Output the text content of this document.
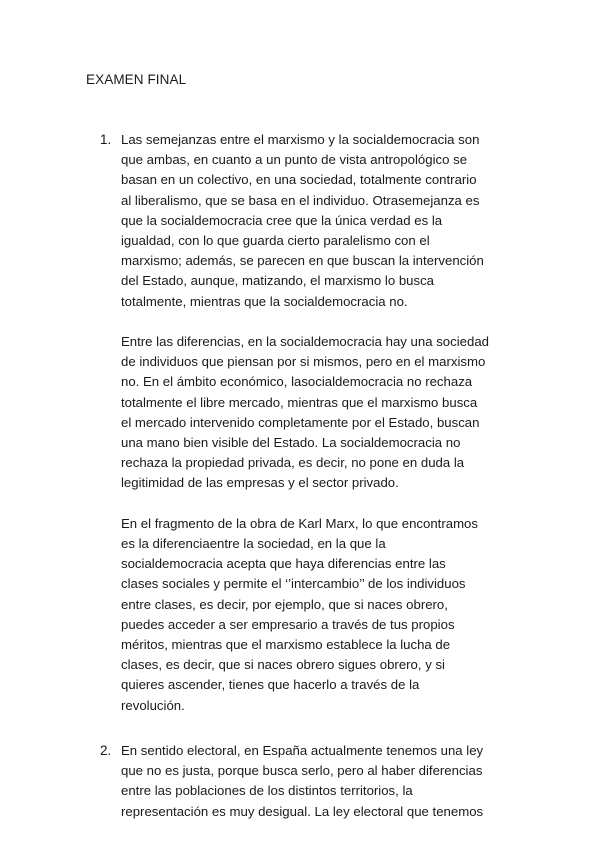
EXAMEN FINAL
1. Las semejanzas entre el marxismo y la socialdemocracia son
que ambas, en cuanto a un punto de vista antropológico se
basan en un colectivo, en una sociedad, totalmente contrario
al liberalismo, que se basa en el individuo. Otrasemejanza es
que la socialdemocracia cree que la única verdad es la
igualdad, con lo que guarda cierto paralelismo con el
marxismo; además, se parecen en que buscan la intervención
del Estado, aunque, matizando, el marxismo lo busca
totalmente, mientras que la socialdemocracia no.

Entre las diferencias, en la socialdemocracia hay una sociedad
de individuos que piensan por si mismos, pero en el marxismo
no. En el ámbito económico, lasocialdemocracia no rechaza
totalmente el libre mercado, mientras que el marxismo busca
el mercado intervenido completamente por el Estado, buscan
una mano bien visible del Estado. La socialdemocracia no
rechaza la propiedad privada, es decir, no pone en duda la
legitimidad de las empresas y el sector privado.

En el fragmento de la obra de Karl Marx, lo que encontramos
es la diferenciaentre la sociedad, en la que la
socialdemocracia acepta que haya diferencias entre las
clases sociales y permite el ‘’intercambio’’ de los individuos
entre clases, es decir, por ejemplo, que si naces obrero,
puedes acceder a ser empresario a través de tus propios
méritos, mientras que el marxismo establece la lucha de
clases, es decir, que si naces obrero sigues obrero, y si
quieres ascender, tienes que hacerlo a través de la
revolución.

2. En sentido electoral, en España actualmente tenemos una ley
que no es justa, porque busca serlo, pero al haber diferencias
entre las poblaciones de los distintos territorios, la
representación es muy desigual. La ley electoral que tenemos
